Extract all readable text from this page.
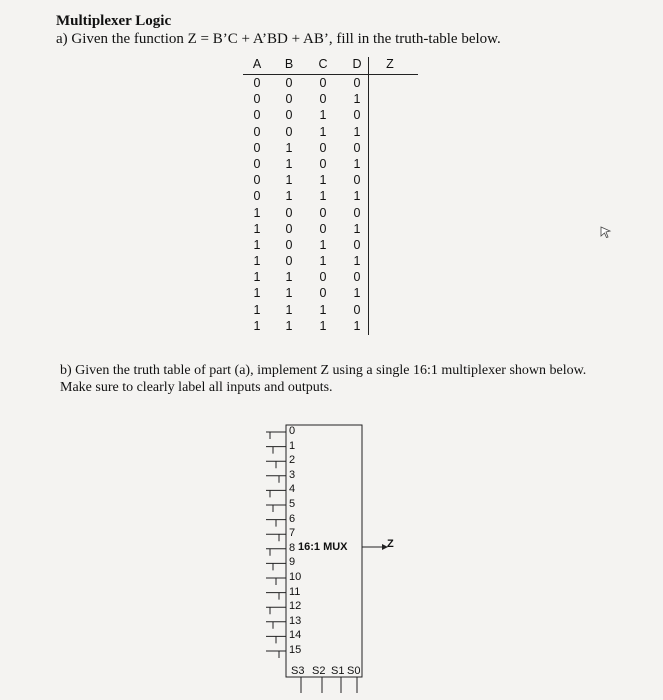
Multiplexer Logic
a) Given the function Z = B’C + A’BD + AB’, fill in the truth-table below.
A	B	C	D	Z
0	0	0	0
0	0	0	1
0	0	1	0
0	0	1	1
0	1	0	0
0	1	0	1
0	1	1	0
0	1	1	1
1	0	0	0
1	0	0	1
1	0	1	0
1	0	1	1
1	1	0	0
1	1	0	1
1	1	1	0
1	1	1	1
b) Given the truth table of part (a), implement Z using a single 16:1 multiplexer shown below.
Make sure to clearly label all inputs and outputs.
16:1 MUX	Z
0
1
2
3
4
5
6
7
8
9
10
11
12
13
14
15
S3 S2 S1 S0
